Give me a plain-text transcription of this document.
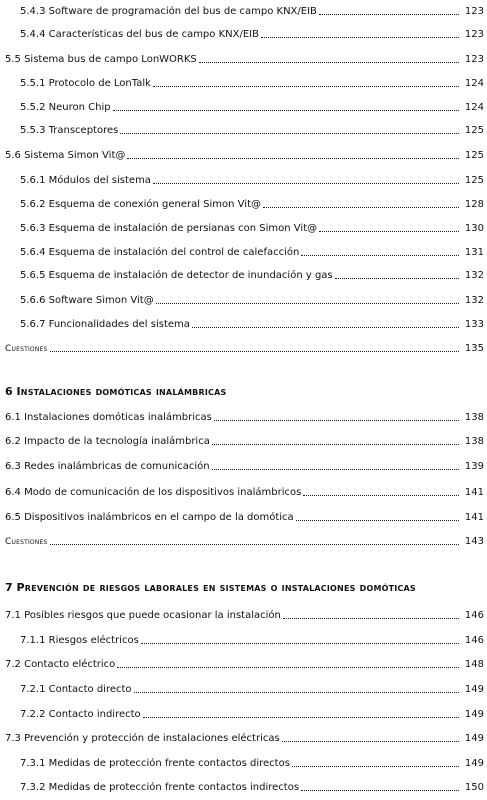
5.4.3 Software de programación del bus de campo KNX/EIB	123
5.4.4 Características del bus de campo KNX/EIB	123
5.5 Sistema bus de campo LonWORKS	123
5.5.1 Protocolo de LonTalk	124
5.5.2 Neuron Chip	124
5.5.3 Transceptores	125
5.6 Sistema Simon Vit@	125
5.6.1 Módulos del sistema	125
5.6.2 Esquema de conexión general Simon Vit@	128
5.6.3 Esquema de instalación de persianas con Simon Vit@	130
5.6.4 Esquema de instalación del control de calefacción	131
5.6.5 Esquema de instalación de detector de inundación y gas	132
5.6.6 Software Simon Vit@	132
5.6.7 Funcionalidades del sistema	133
Cuestiones	135
6 Instalaciones domóticas inalámbricas
6.1 Instalaciones domóticas inalámbricas	138
6.2 Impacto de la tecnología inalámbrica	138
6.3 Redes inalámbricas de comunicación	139
6.4 Modo de comunicación de los dispositivos inalámbricos	141
6.5 Dispositivos inalámbricos en el campo de la domótica	141
Cuestiones	143
7 Prevención de riesgos laborales en sistemas o instalaciones domóticas
7.1 Posibles riesgos que puede ocasionar la instalación	146
7.1.1 Riesgos eléctricos	146
7.2 Contacto eléctrico	148
7.2.1 Contacto directo	149
7.2.2 Contacto indirecto	149
7.3 Prevención y protección de instalaciones eléctricas	149
7.3.1 Medidas de protección frente contactos directos	149
7.3.2 Medidas de protección frente contactos indirectos	150
